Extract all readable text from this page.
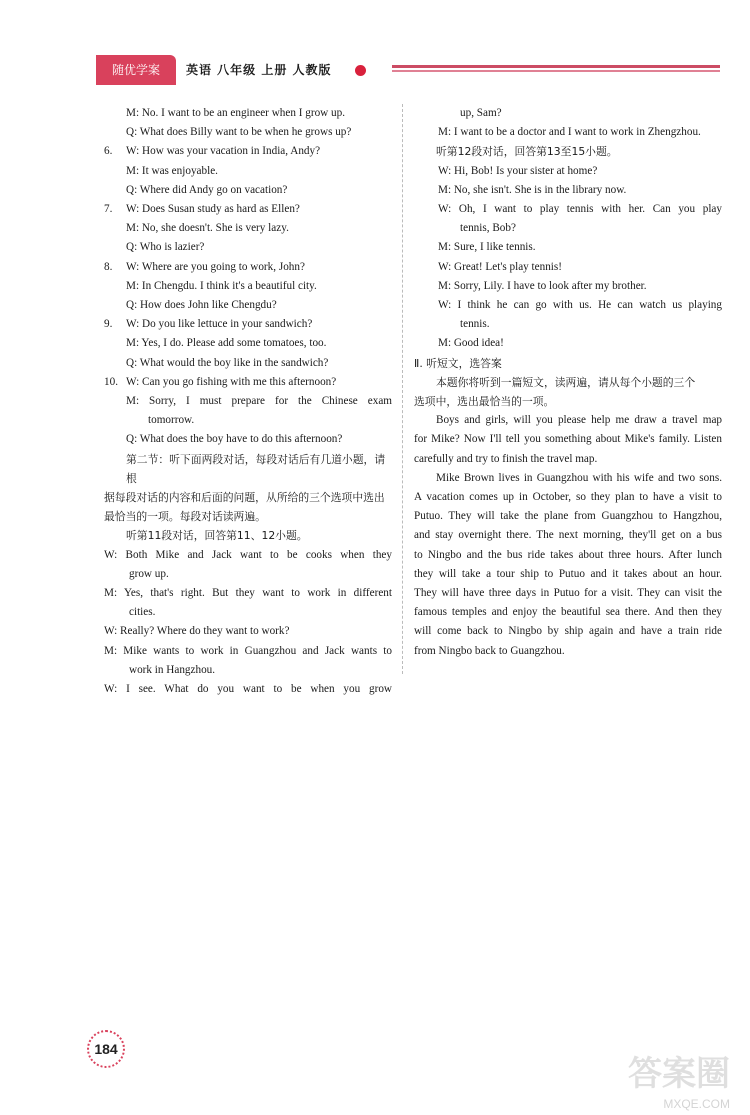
随优学案	英语 八年级 上册 人教版
M: No. I want to be an engineer when I grow up.
Q: What does Billy want to be when he grows up?
6.	W: How was your vacation in India, Andy?
M: It was enjoyable.
Q: Where did Andy go on vacation?
7.	W: Does Susan study as hard as Ellen?
M: No, she doesn't. She is very lazy.
Q: Who is lazier?
8.	W: Where are you going to work, John?
M: In Chengdu. I think it's a beautiful city.
Q: How does John like Chengdu?
9.	W: Do you like lettuce in your sandwich?
M: Yes, I do. Please add some tomatoes, too.
Q: What would the boy like in the sandwich?
10. W: Can you go fishing with me this afternoon?
M: Sorry, I must prepare for the Chinese exam
tomorrow.
Q: What does the boy have to do this afternoon?
第二节：听下面两段对话，每段对话后有几道小题，请根
据每段对话的内容和后面的问题，从所给的三个选项中选出
最恰当的一项。每段对话读两遍。
听第11段对话，回答第11、12小题。
W: Both Mike and Jack want to be cooks when they
grow up.
M: Yes, that's right. But they want to work in different
cities.
W: Really? Where do they want to work?
M: Mike wants to work in Guangzhou and Jack wants to
work in Hangzhou.
W: I see. What do you want to be when you grow
up, Sam?
M: I want to be a doctor and I want to work in Zhengzhou.
听第12段对话，回答第13至15小题。
W: Hi, Bob! Is your sister at home?
M: No, she isn't. She is in the library now.
W: Oh, I want to play tennis with her. Can you play
tennis, Bob?
M: Sure, I like tennis.
W: Great! Let's play tennis!
M: Sorry, Lily. I have to look after my brother.
W: I think he can go with us. He can watch us playing
tennis.
M: Good idea!
Ⅱ. 听短文，选答案
本题你将听到一篇短文，读两遍，请从每个小题的三个
选项中，选出最恰当的一项。
Boys and girls, will you please help me draw a travel map
for Mike? Now I'll tell you something about Mike's family. Listen
carefully and try to finish the travel map.
Mike Brown lives in Guangzhou with his wife and two sons.
A vacation comes up in October, so they plan to have a visit to
Putuo. They will take the plane from Guangzhou to Hangzhou,
and stay overnight there. The next morning, they'll get on a bus
to Ningbo and the bus ride takes about three hours. After lunch
they will take a tour ship to Putuo and it takes about an hour.
They will have three days in Putuo for a visit. They can visit the
famous temples and enjoy the beautiful sea there. And then they
will come back to Ningbo by ship again and have a train ride
from Ningbo back to Guangzhou.
184
答案圈
MXQE.COM
